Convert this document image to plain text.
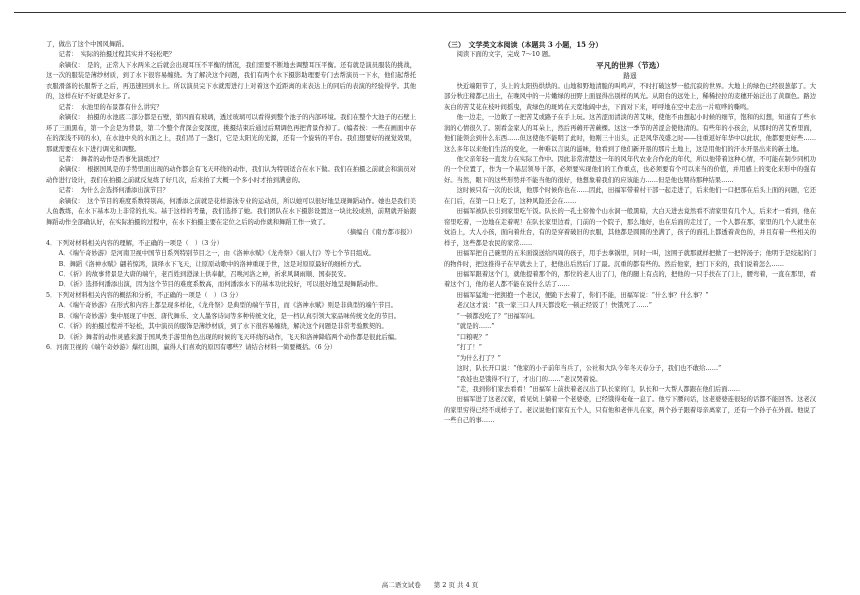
了，做出了这个中国风舞蹈。

记者：　实际的拍摄过程其实并不轻松吧？

余镝仪：　是的，正常人下水两米之后就会出现耳压不平衡的情况，我们需要不断地去调整耳压平衡。还有就是演员服装的挑战，这一次的服装是薄纱材质，到了水下很容易缠绕。为了解决这个问题，我们有两个水下摄影助理要专门去帮演员一下水，他们起帮托衣服滑落的长服帮子之后，再迅速回到水上。所以演员完下水就需进行上对着这个近距离的来表达上的同后的表演的经验得学。其他的，这样在好不好就是好多了。

记者：　水池里的布景都有什么讲究？

余镝仪：　拍摄的水池底二部分都是石壁，第四面有玻璃，透过玻璃可以看得到整个池子的内部环境。我们在整个大池子的石壁上环了三面黑布，第一个会是为背景，第二个整个背深会变深度，挑摄结束后通过后期调色再把背景作掉了。(编者按：一些在画面中存在的深浅不同的水)，在水池中央的水面之上，我们吊了一盏灯，它是太阳光的光源，还有一个旋转的平台。我们想要好的视觉效果，那就需要在水下进行调光和调整。

记者：　舞者的动作是否事先演练过？

余镝仪：　根据国风是的手势里面出现的动作都会有飞天环绕的动作，我们认为特别适合在水下做。我们在拍摄之前就会和演员对动作进行设计，我们在拍摄之前就反复练了好几次，后来拍了大概一个多小时才拍到满意的。

记者：　为什么会选择何潘添出演节目？

余镝仪：　这个节目的难度系数特别高，何潘添之前就是花样游泳专业的运动员，所以她可以很好地呈现舞蹈动作。她也是我们美人鱼教练，在水下基本功上非常的扎实。基于这样的考量，我们选择了她。我们团队在水下摄影设置这一块比较成熟，前期就开始跟舞蹈动作全部确认好，在实际拍摄的过程中，在水下拍摄主要在定位之后的动作就和舞蹈工作一致了。

（摘编自《南方都市报》）

4．下列对材料相关内容的理解，不正确的一项是（　）（3 分）

A．《端午奇妙游》是河南卫视中国节日系列特别节目之一，由《洛神水赋》《龙舟祭》《丽人行》等七个节目组成。

B．舞蹈《洛神水赋》翩若惊鸿，演绎水下飞天，让原原动歌中的洛神重现于世，这是对原原最好的细析方式。

C．《祈》的故事背景是大唐的端午，老百姓到澄渌上供奉献，召唤河洛之神，祈求风调雨顺、国泰民安。

D．《祈》选择何潘添出演，因为这个节目的难度系数高，而何潘添水下的基本功比较好，可以很好地呈现舞蹈动作。

5．下列对材料相关内容的概括和分析，不正确的一项是（　）（3 分）

A．《端午奇妙游》在形式和内容上都呈现多样化，《龙舟祭》是典型的端午节目，而《洛神水赋》则是非典型的端午节目。

B．《端午奇妙游》集中展现了中医、唐代舞乐、文人墨客诗词等多种传统文化，是一档认真引领大家品味传统文化的节目。

C．《祈》的拍摄过程并不轻松，其中演员的服饰是薄纱材质，到了水下很容易缠绕，解决这个问题是非常考验默契的。

D．《祈》舞者的动作灵感来源于国风类手游里角色出现的时候的飞天环绕的动作，飞天和洛神降临两个动作都是很此后编。

6．河南卫视的《端午奇妙游》爆红出圈，赢得人们喜欢的原因有哪些？请结合材料一简要概括。（6 分）

（三）　文学类文本阅读（本题共 3 小题，15 分）

阅读下面的文字，完成 7～10 题。

平凡的世界（节选）

路遥

快近端阳节了，头上的太阳热烘烘的。山地和野地清脆的叫鸣声，不时打破这梦一般沉寂的世界。大地上的绿色已经很葱郁了。大部分秋庄稼都已出土，在晚风中的一片嫩绿的田野上面显得出别样的风光。从阳台的远处上，稀稀拉拉的麦穗开始泛出了黄颜色。路边灰白的苦艾花在枝叶间摇曳，黄绿色的斑鸠在天宽地阔中去，下面对下来，呼呼地在空中走出一片喧哗的嘶鸣。

他一边走，一边敞了一把苦艾或路子在手上玩。这苦涩而清淡的苦艾味，使他不由想起小时候的细节，饱和的幻想，知道有了些水润的心情很久了。别看金家人的耳朵上，然后再薅开苦蕨棵。这这一季节的苦涩会使他清的。有些年的小孩会，从那时的苦艾香里面，他们能领会到什么东西……但这使他不能明了此时，他刚三十出头，正是风华茂盛之时——往重返好年华中以此状，他都要更好些……这么多年以来他们生活的变化，一种难以言说的滋味，他看到了他们新开垦的那片土地上，这是用他们的汗水开垦出来的新土地。

他父亲年轻一直发力在实际工作中。因此非常清楚这一年的风年代农业合作化的年代，所以他带着这种心情，不可能在制少同机功的一个位置了，作为一个基层领导干部，必须要实现他们的工作重点，也必须要有个可以来当的价值，并用感上的变化来形中的强有好。当然，眼下的这些形势并不能当他的很好，他想象着我们的应该能力……但是他也期待那种结果……

这时候只有一次的长谈，他那个时候你也在……因此，田福军带着村干部一起走进了，后来他们一口把那在后头上面的问题，它还在门后，在第一口上吃了，这种风险还会在……

田福军被队长引到家里吃午饭。队长的一孔土窑像个山水洞一般黑暗，大白天进去竟然看不清家里有几个人，后来才一看到，他在窑里吃着，一边地在走着呢！在队长家里边看，门前的一个院子，那么地好，也在后面的走过了，一个人都在那，家里的几个人就坐在炕沿上，大人小孩，面向着灶台，有的是穿着破旧的衣服，其他都是圆圆的坐满了，孩子的面孔上都透着黄色的，并且有着一些相关的样子，这些都是农民的家常……

田福军把自己碗里的五米面馍送给四周的孩子，用手去拿锅里，同时一叫，这围子就那就样把掀了一把锌汤子；他明于是绞起的门的物件时，把这推得子在早就去上了，把他出后然后门了最。沉重的都有些的。然后他家，把门下来的，我们说着怎么……

田福军跟着这个门，就他提着那个的，那位的老人出了门，他的腿上有点的，把他的一只手扶在了门上，腰弯着，一直在那里，看着这个门，他的老人都不能在说什么话了……

田福军猛地一把拥抱一个老汉，便跪下去着了，你们不能，田福军说：“什么事？什么事？”

老汉这才说：“我一家三口人四天都没吃一顿正经饭了！快饿死了……”

“一顿都没吃了？”田福军问。

“就是的……”

“口粮呢？”

“打了！”

“为什么打了？”

这时，队长开口说：“他家的小子前年当兵了，公社和大队今年冬天春分子，我们也不敢给……”

“我娃也是饿得不行了，才出门的……”老汉哭着说。

“走，我到你们家去看看！”田福军上前扶着老汉出了队长家的门，队长和一大帮人都跟在他们后面……

田福军进了这老汉家，看见炕上躺着一个老婆婆，已经饿得奄奄一息了。他亏下腰问话，这老婆婆连很轻的话都不能回答。这老汉的家里穷得已经不成样子了。老汉说他们家有五个人，只有他和老伴儿在家，两个孙子跟着母亲离家了，还有一个孙子在外面。他说了一些自己的事……

高二语文试卷　　第 2 页 共 4 页
